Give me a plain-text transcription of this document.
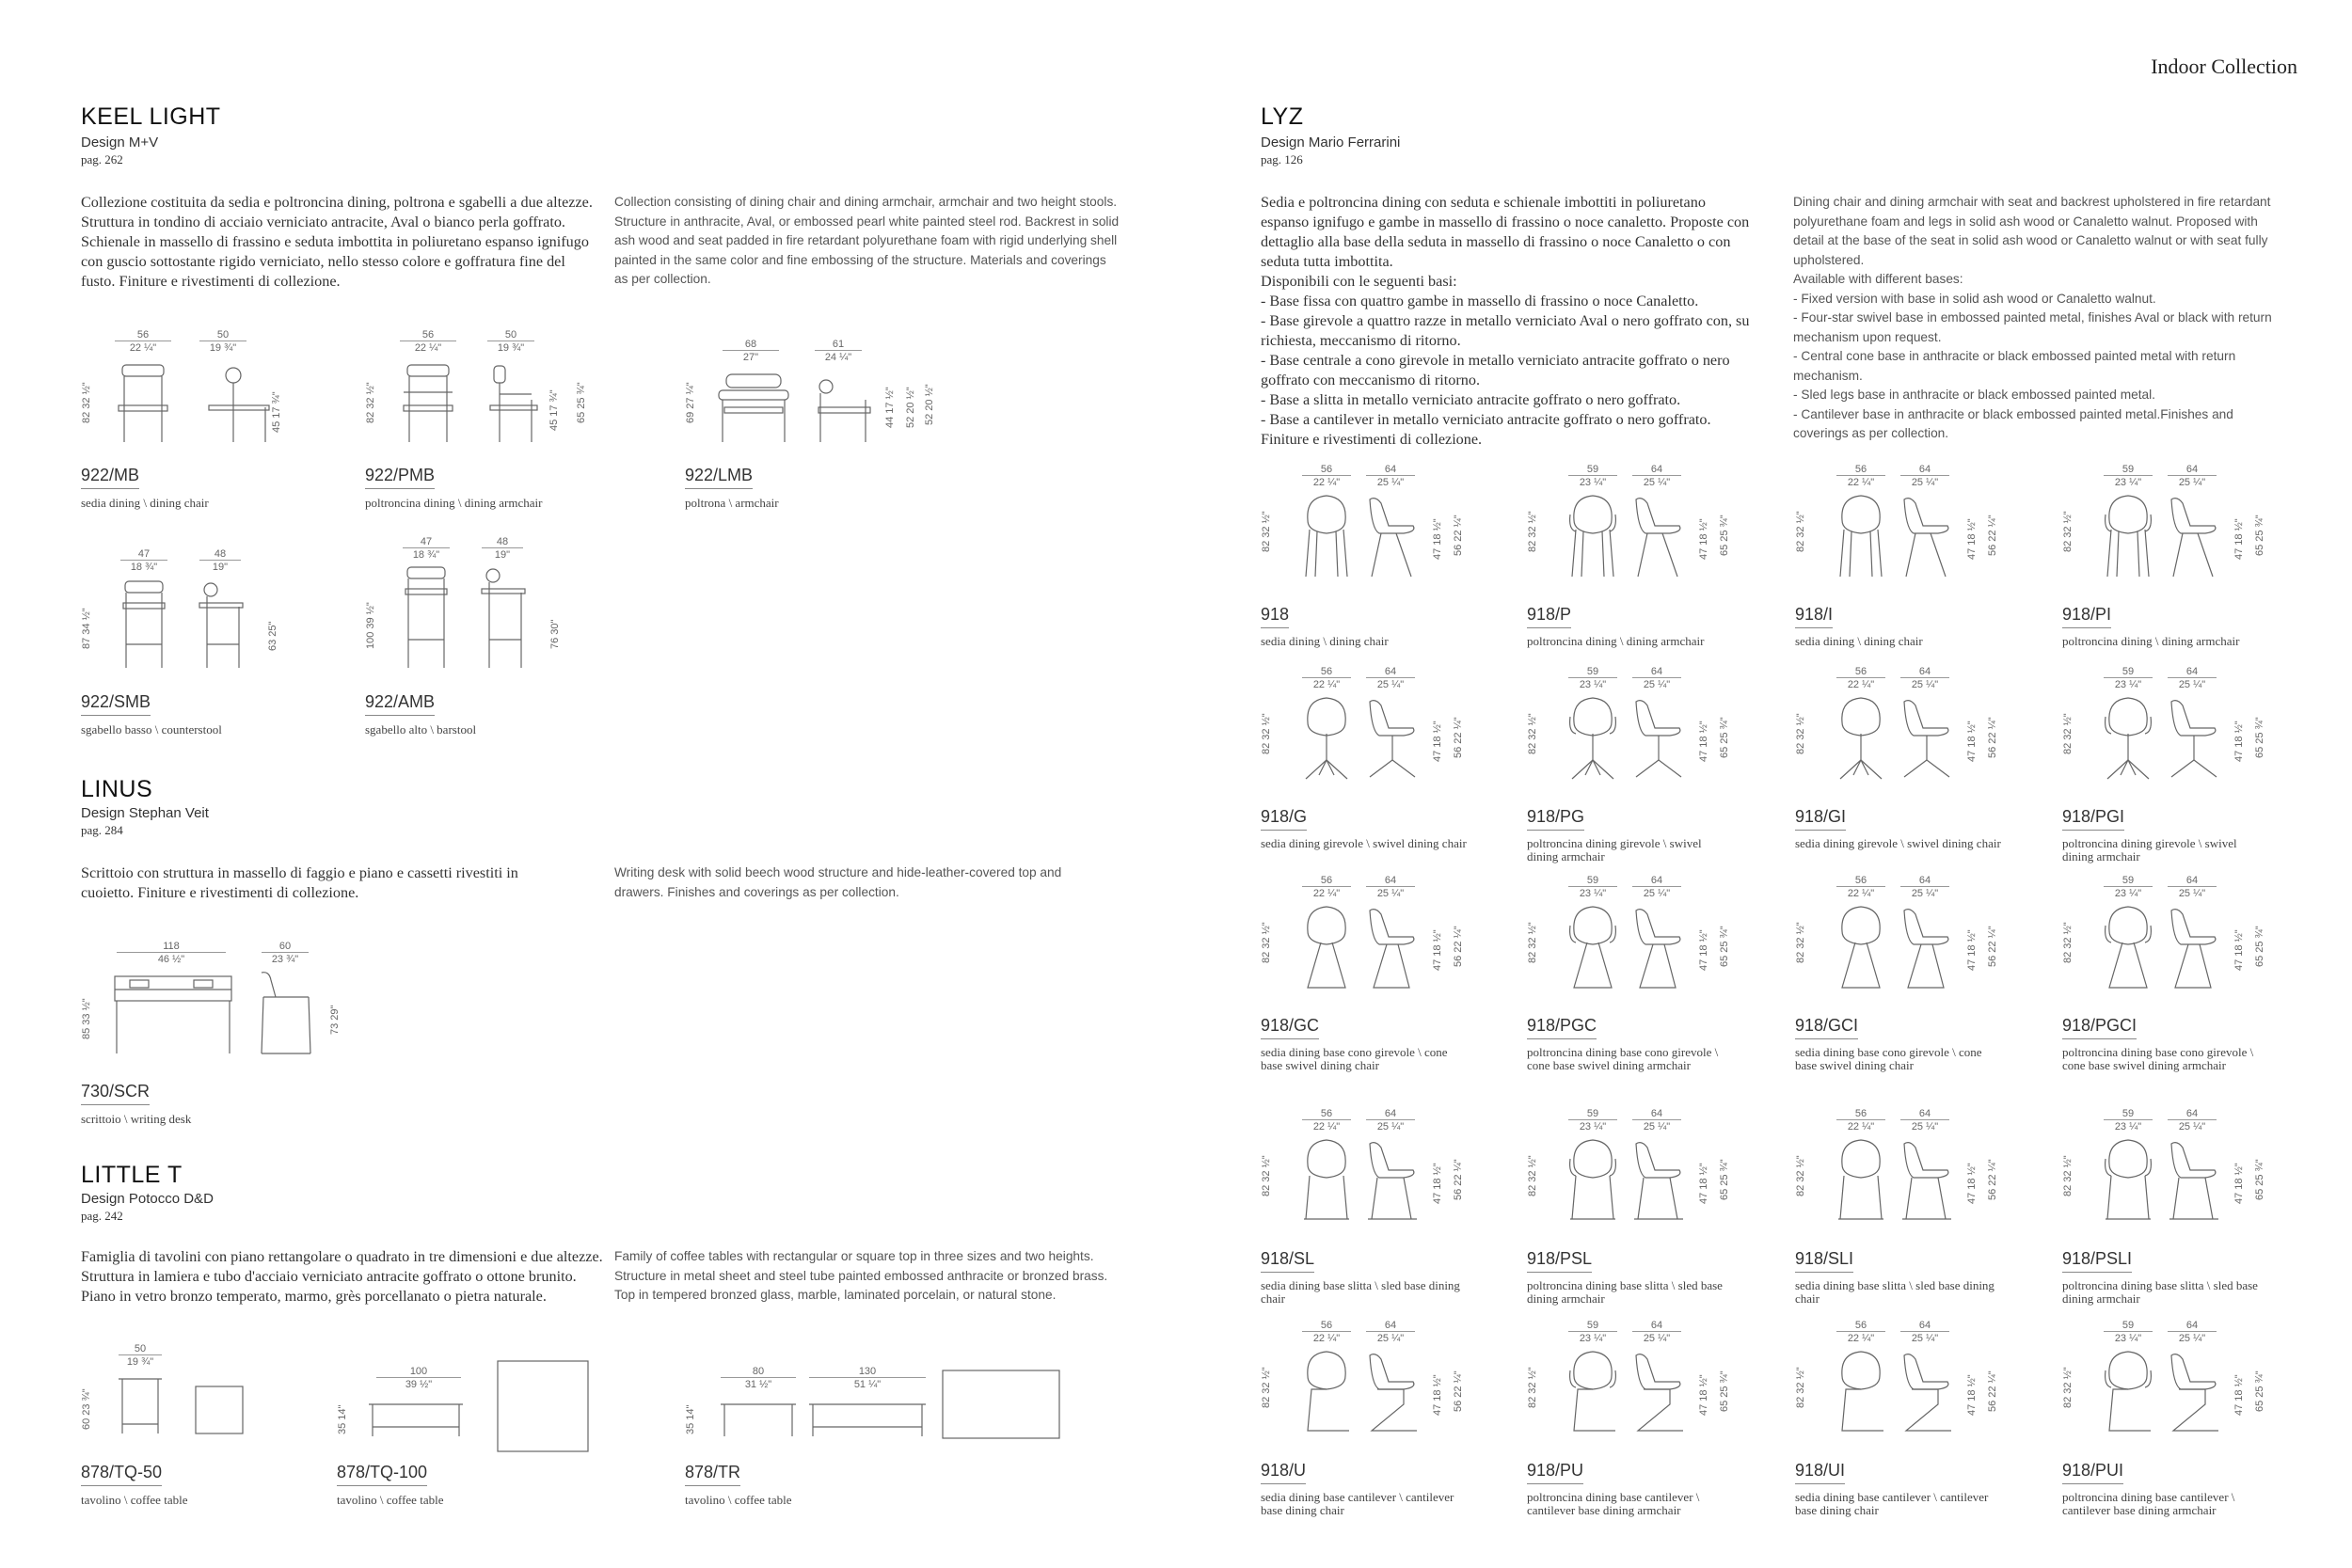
Indoor Collection
KEEL LIGHT
Design M+V
pag. 262
Collezione costituita da sedia e poltroncina dining, poltrona e sgabelli a due altezze. Struttura in tondino di acciaio verniciato antracite, Aval o bianco perla goffrato. Schienale in massello di frassino e seduta imbottita in poliuretano espanso ignifugo con guscio sottostante rigido verniciato, nello stesso colore e goffratura fine del fusto. Finiture e rivestimenti di collezione.
Collection consisting of dining chair and dining armchair, armchair and two height stools. Structure in anthracite, Aval, or embossed pearl white painted steel rod. Backrest in solid ash wood and seat padded in fire retardant polyurethane foam with rigid underlying shell painted in the same color and fine embossing of the structure. Materials and coverings as per collection.
56
22 ¼"
50
19 ¾"
82 32 ½"
45 17 ¾"
922/MB
sedia dining \ dining chair
56
22 ¼"
50
19 ¾"
82 32 ½"
45 17 ¾"
65 25 ¾"
922/PMB
poltroncina dining \ dining armchair
68
27"
61
24 ¼"
69 27 ¼"
44 17 ½"
52 20 ½"
52 20 ½"
922/LMB
poltrona \ armchair
47
18 ¾"
48
19"
87 34 ½"
63 25"
922/SMB
sgabello basso \ counterstool
47
18 ¾"
48
19"
100 39 ½"
76 30"
922/AMB
sgabello alto \ barstool
LINUS
Design Stephan Veit
pag. 284
Scrittoio con struttura in massello di faggio e piano e cassetti rivestiti in cuoietto. Finiture e rivestimenti di collezione.
Writing desk with solid beech wood structure and hide-leather-covered top and drawers. Finishes and coverings as per collection.
118
46 ½"
60
23 ¾"
85 33 ½"
73 29"
730/SCR
scrittoio \ writing desk
LITTLE T
Design Potocco D&D
pag. 242
Famiglia di tavolini con piano rettangolare o quadrato in tre dimensioni e due altezze. Struttura in lamiera e tubo d'acciaio verniciato antracite goffrato o ottone brunito. Piano in vetro bronzo temperato, marmo, grès porcellanato o pietra naturale.
Family of coffee tables with rectangular or square top in three sizes and two heights. Structure in metal sheet and steel tube painted embossed anthracite or bronzed brass. Top in tempered bronzed glass, marble, laminated porcelain, or natural stone.
50
19 ¾"
60 23 ¾"
878/TQ-50
tavolino \ coffee table
100
39 ½"
35 14"
878/TQ-100
tavolino \ coffee table
80
31 ½"
130
51 ¼"
35 14"
878/TR
tavolino \ coffee table
LYZ
Design Mario Ferrarini
pag. 126
Sedia e poltroncina dining con seduta e schienale imbottiti in poliuretano espanso ignifugo e gambe in massello di frassino o noce canaletto. Proposte con dettaglio alla base della seduta in massello di frassino o noce Canaletto o con seduta tutta imbottita.
Disponibili con le seguenti basi:
- Base fissa con quattro gambe in massello di frassino o noce Canaletto.
- Base girevole a quattro razze in metallo verniciato Aval o nero goffrato con, su richiesta, meccanismo di ritorno.
- Base centrale a cono girevole in metallo verniciato antracite goffrato o nero goffrato con meccanismo di ritorno.
- Base a slitta in metallo verniciato antracite goffrato o nero goffrato.
- Base a cantilever in metallo verniciato antracite goffrato o nero goffrato.
Finiture e rivestimenti di collezione.
Dining chair and dining armchair with seat and backrest upholstered in fire retardant polyurethane foam and legs in solid ash wood or Canaletto walnut. Proposed with detail at the base of the seat in solid ash wood or Canaletto walnut or with seat fully upholstered.
Available with different bases:
- Fixed version with base in solid ash wood or Canaletto walnut.
- Four-star swivel base in embossed painted metal, finishes Aval or black with return mechanism upon request.
- Central cone base in anthracite or black embossed painted metal with return mechanism.
- Sled legs base in anthracite or black embossed painted metal.
- Cantilever base in anthracite or black embossed painted metal.Finishes and coverings as per collection.
56
22 ¼"
64
25 ¼"
82 32 ½"
47 18 ½"
56 22 ¼"
918
sedia dining \ dining chair
59
23 ¼"
64
25 ¼"
82 32 ½"
47 18 ½"
65 25 ¾"
918/P
poltroncina dining \ dining armchair
56
22 ¼"
64
25 ¼"
82 32 ½"
47 18 ½"
56 22 ¼"
918/I
sedia dining \ dining chair
59
23 ¼"
64
25 ¼"
82 32 ½"
47 18 ½"
65 25 ¾"
918/PI
poltroncina dining \ dining armchair
56
22 ¼"
64
25 ¼"
82 32 ½"
47 18 ½"
56 22 ¼"
918/G
sedia dining girevole \ swivel dining chair
59
23 ¼"
64
25 ¼"
82 32 ½"
47 18 ½"
65 25 ¾"
918/PG
poltroncina dining girevole \ swivel dining armchair
56
22 ¼"
64
25 ¼"
82 32 ½"
47 18 ½"
56 22 ¼"
918/GI
sedia dining girevole \ swivel dining chair
59
23 ¼"
64
25 ¼"
82 32 ½"
47 18 ½"
65 25 ¾"
918/PGI
poltroncina dining girevole \ swivel dining armchair
56
22 ¼"
64
25 ¼"
82 32 ½"
47 18 ½"
56 22 ¼"
918/GC
sedia dining base cono girevole \ cone base swivel dining chair
59
23 ¼"
64
25 ¼"
82 32 ½"
47 18 ½"
65 25 ¾"
918/PGC
poltroncina dining base cono girevole \ cone base swivel dining armchair
56
22 ¼"
64
25 ¼"
82 32 ½"
47 18 ½"
56 22 ¼"
918/GCI
sedia dining base cono girevole \ cone base swivel dining chair
59
23 ¼"
64
25 ¼"
82 32 ½"
47 18 ½"
65 25 ¾"
918/PGCI
poltroncina dining base cono girevole \ cone base swivel dining armchair
56
22 ¼"
64
25 ¼"
82 32 ½"
47 18 ½"
56 22 ¼"
918/SL
sedia dining base slitta \ sled base dining chair
59
23 ¼"
64
25 ¼"
82 32 ½"
47 18 ½"
65 25 ¾"
918/PSL
poltroncina dining base slitta \ sled base dining armchair
56
22 ¼"
64
25 ¼"
82 32 ½"
47 18 ½"
56 22 ¼"
918/SLI
sedia dining base slitta \ sled base dining chair
59
23 ¼"
64
25 ¼"
82 32 ½"
47 18 ½"
65 25 ¾"
918/PSLI
poltroncina dining base slitta \ sled base dining armchair
56
22 ¼"
64
25 ¼"
82 32 ½"
47 18 ½"
56 22 ¼"
918/U
sedia dining base cantilever \ cantilever base dining chair
59
23 ¼"
64
25 ¼"
82 32 ½"
47 18 ½"
65 25 ¾"
918/PU
poltroncina dining base cantilever \ cantilever base dining armchair
56
22 ¼"
64
25 ¼"
82 32 ½"
47 18 ½"
56 22 ¼"
918/UI
sedia dining base cantilever \ cantilever base dining chair
59
23 ¼"
64
25 ¼"
82 32 ½"
47 18 ½"
65 25 ¾"
918/PUI
poltroncina dining base cantilever \ cantilever base dining armchair
